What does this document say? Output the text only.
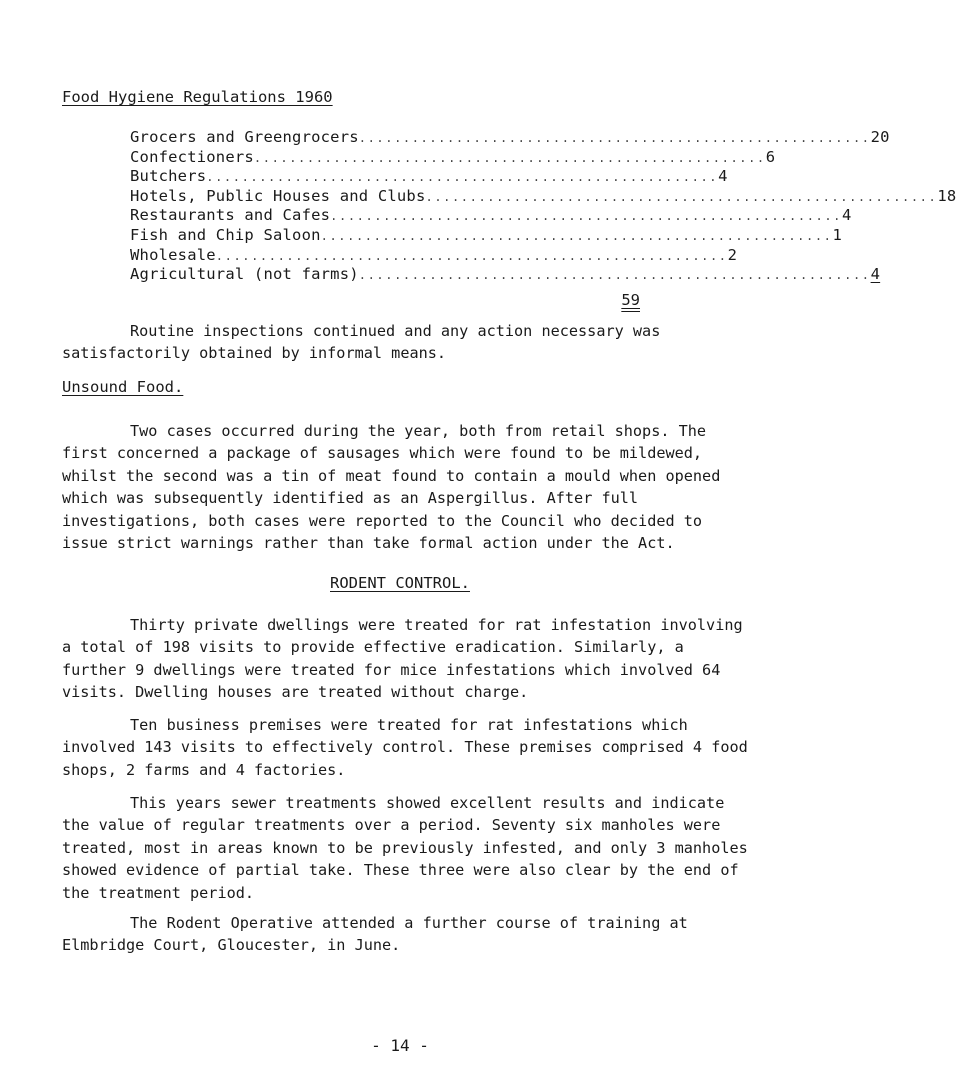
Food Hygiene Regulations 1960
Grocers and Greengrocers .......................................................... 20
Confectioners .......................................................... 6
Butchers .......................................................... 4
Hotels, Public Houses and Clubs .......................................................... 18
Restaurants and Cafes .......................................................... 4
Fish and Chip Saloon .......................................................... 1
Wholesale .......................................................... 2
Agricultural (not farms) .......................................................... 4
59

Routine inspections continued and any action necessary was satisfactorily obtained by informal means.

Unsound Food.

Two cases occurred during the year, both from retail shops. The first concerned a package of sausages which were found to be mildewed, whilst the second was a tin of meat found to contain a mould when opened which was subsequently identified as an Aspergillus. After full investigations, both cases were reported to the Council who decided to issue strict warnings rather than take formal action under the Act.

RODENT CONTROL.

Thirty private dwellings were treated for rat infestation involving a total of 198 visits to provide effective eradication. Similarly, a further 9 dwellings were treated for mice infestations which involved 64 visits. Dwelling houses are treated without charge.

Ten business premises were treated for rat infestations which involved 143 visits to effectively control. These premises comprised 4 food shops, 2 farms and 4 factories.

This years sewer treatments showed excellent results and indicate the value of regular treatments over a period. Seventy six manholes were treated, most in areas known to be previously infested, and only 3 manholes showed evidence of partial take. These three were also clear by the end of the treatment period.

The Rodent Operative attended a further course of training at Elmbridge Court, Gloucester, in June.

- 14 -
